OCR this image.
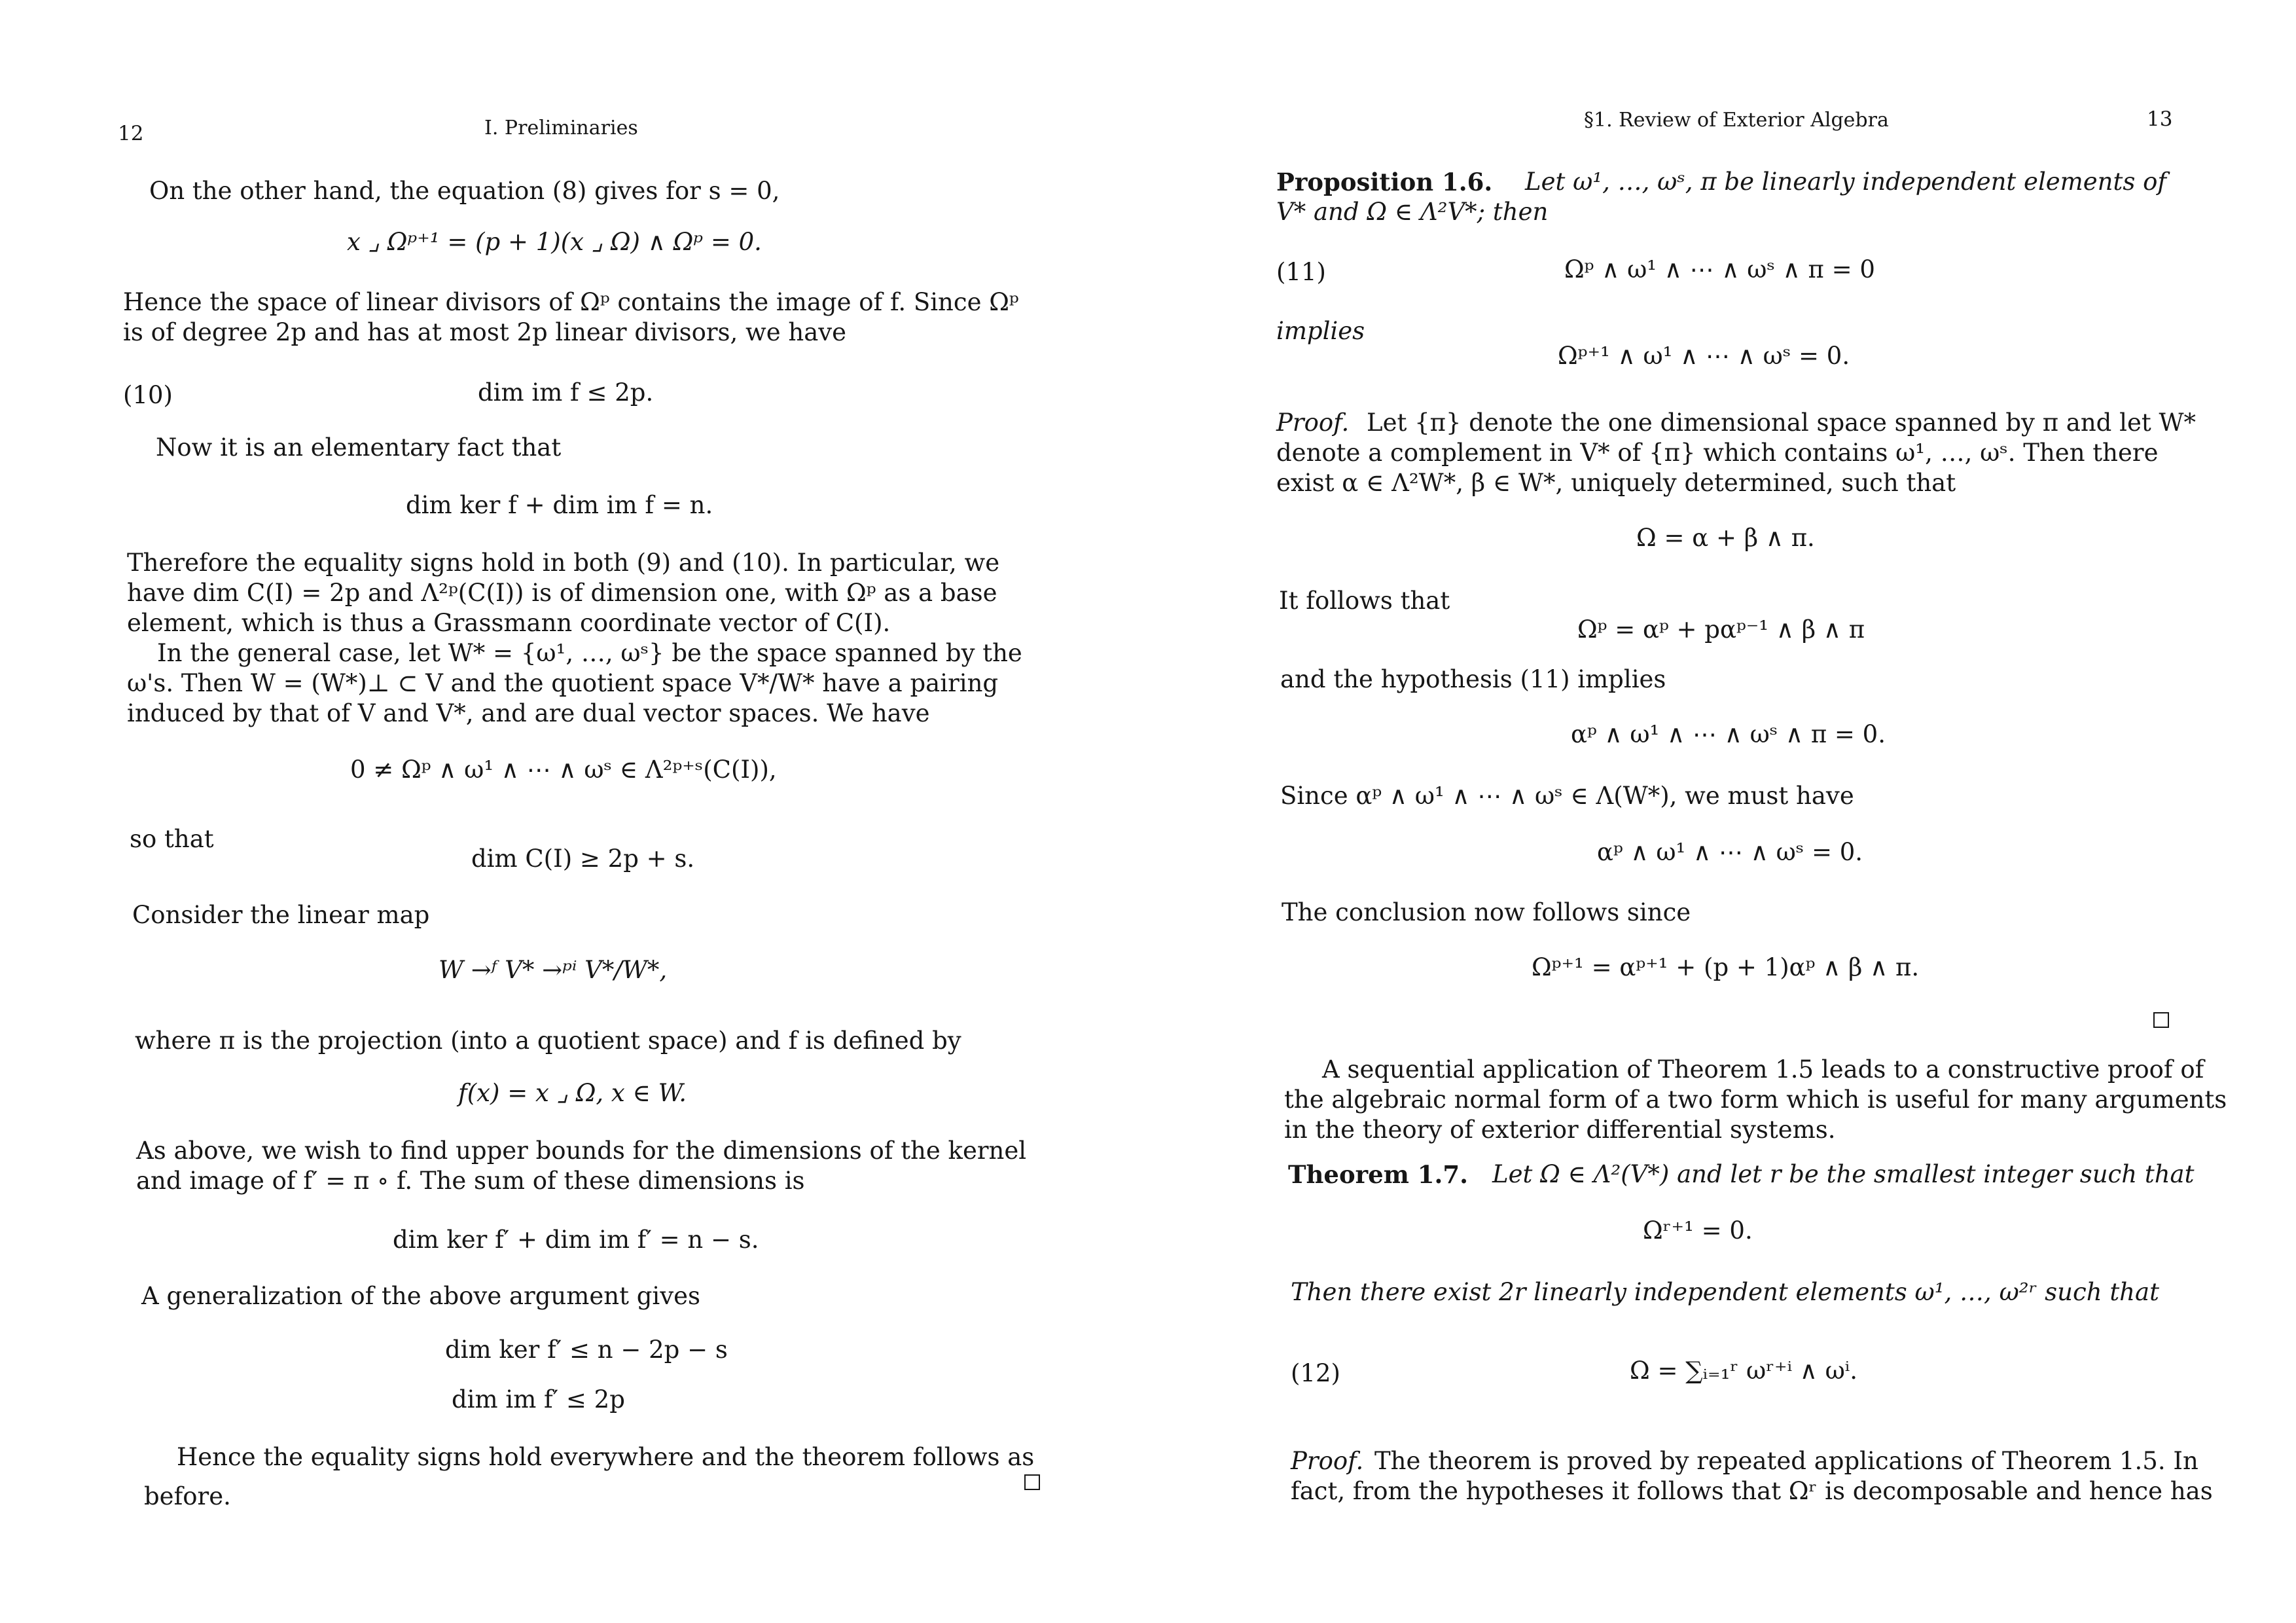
12	I. Preliminaries
On the other hand, the equation (8) gives for s = 0,
x ⌟ Ωᵖ⁺¹ = (p + 1)(x ⌟ Ω) ∧ Ωᵖ = 0.
Hence the space of linear divisors of Ωᵖ contains the image of f. Since Ωᵖ
is of degree 2p and has at most 2p linear divisors, we have
(10)	dim im f ≤ 2p.
Now it is an elementary fact that
dim ker f + dim im f = n.
Therefore the equality signs hold in both (9) and (10). In particular, we
have dim C(I) = 2p and Λ²ᵖ(C(I)) is of dimension one, with Ωᵖ as a base
element, which is thus a Grassmann coordinate vector of C(I).
In the general case, let W* = {ω¹, …, ωˢ} be the space spanned by the
ω's. Then W = (W*)⊥ ⊂ V and the quotient space V*/W* have a pairing
induced by that of V and V*, and are dual vector spaces. We have
0 ≠ Ωᵖ ∧ ω¹ ∧ ⋯ ∧ ωˢ ∈ Λ²ᵖ⁺ˢ(C(I)),
so that
dim C(I) ≥ 2p + s.
Consider the linear map
W →ᶠ V* →ᵖⁱ V*/W*,
where π is the projection (into a quotient space) and f is defined by
f(x) = x ⌟ Ω, x ∈ W.
As above, we wish to find upper bounds for the dimensions of the kernel
and image of f′ = π ∘ f. The sum of these dimensions is
dim ker f′ + dim im f′ = n − s.
A generalization of the above argument gives
dim ker f′ ≤ n − 2p − s
dim im f′ ≤ 2p
Hence the equality signs hold everywhere and the theorem follows as
before.
§1. Review of Exterior Algebra	13
Proposition 1.6. Let ω¹, …, ωˢ, π be linearly independent elements of
V* and Ω ∈ Λ²V*; then
(11)	Ωᵖ ∧ ω¹ ∧ ⋯ ∧ ωˢ ∧ π = 0
implies
Ωᵖ⁺¹ ∧ ω¹ ∧ ⋯ ∧ ωˢ = 0.
Proof. Let {π} denote the one dimensional space spanned by π and let W*
denote a complement in V* of {π} which contains ω¹, …, ωˢ. Then there
exist α ∈ Λ²W*, β ∈ W*, uniquely determined, such that
Ω = α + β ∧ π.
It follows that
Ωᵖ = αᵖ + pαᵖ⁻¹ ∧ β ∧ π
and the hypothesis (11) implies
αᵖ ∧ ω¹ ∧ ⋯ ∧ ωˢ ∧ π = 0.
Since αᵖ ∧ ω¹ ∧ ⋯ ∧ ωˢ ∈ Λ(W*), we must have
αᵖ ∧ ω¹ ∧ ⋯ ∧ ωˢ = 0.
The conclusion now follows since
Ωᵖ⁺¹ = αᵖ⁺¹ + (p + 1)αᵖ ∧ β ∧ π.
A sequential application of Theorem 1.5 leads to a constructive proof of
the algebraic normal form of a two form which is useful for many arguments
in the theory of exterior differential systems.
Theorem 1.7. Let Ω ∈ Λ²(V*) and let r be the smallest integer such that
Ωʳ⁺¹ = 0.
Then there exist 2r linearly independent elements ω¹, …, ω²ʳ such that
(12)	Ω = ∑ᵢ₌₁ʳ ωʳ⁺ⁱ ∧ ωⁱ.
Proof. The theorem is proved by repeated applications of Theorem 1.5. In
fact, from the hypotheses it follows that Ωʳ is decomposable and hence has
